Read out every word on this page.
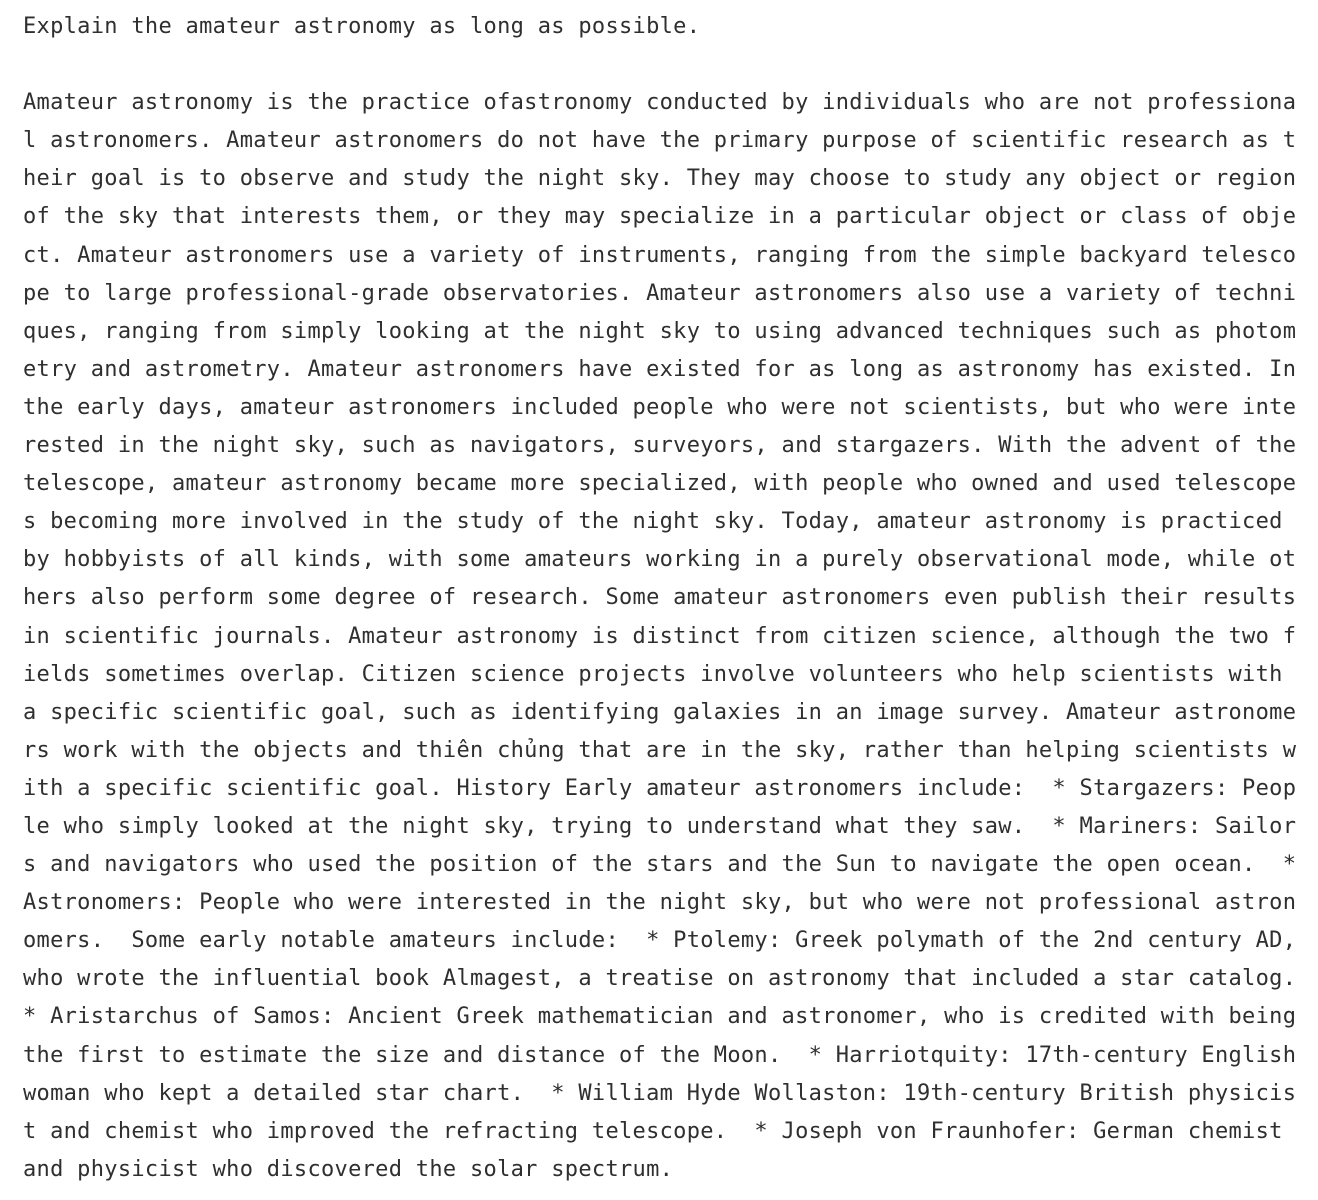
Explain the amateur astronomy as long as possible.

Amateur astronomy is the practice ofastronomy conducted by individuals who are not professiona

l astronomers. Amateur astronomers do not have the primary purpose of scientific research as t

heir goal is to observe and study the night sky. They may choose to study any object or region

of the sky that interests them, or they may specialize in a particular object or class of obje

ct. Amateur astronomers use a variety of instruments, ranging from the simple backyard telesco

pe to large professional-grade observatories. Amateur astronomers also use a variety of techni

ques, ranging from simply looking at the night sky to using advanced techniques such as photom

etry and astrometry. Amateur astronomers have existed for as long as astronomy has existed. In

the early days, amateur astronomers included people who were not scientists, but who were inte

rested in the night sky, such as navigators, surveyors, and stargazers. With the advent of the

telescope, amateur astronomy became more specialized, with people who owned and used telescope

s becoming more involved in the study of the night sky. Today, amateur astronomy is practiced

by hobbyists of all kinds, with some amateurs working in a purely observational mode, while ot

hers also perform some degree of research. Some amateur astronomers even publish their results

in scientific journals. Amateur astronomy is distinct from citizen science, although the two f

ields sometimes overlap. Citizen science projects involve volunteers who help scientists with

a specific scientific goal, such as identifying galaxies in an image survey. Amateur astronome

rs work with the objects and thiên chủng that are in the sky, rather than helping scientists w

ith a specific scientific goal. History Early amateur astronomers include:  * Stargazers: Peop

le who simply looked at the night sky, trying to understand what they saw.  * Mariners: Sailor

s and navigators who used the position of the stars and the Sun to navigate the open ocean.  *

Astronomers: People who were interested in the night sky, but who were not professional astron

omers.  Some early notable amateurs include:  * Ptolemy: Greek polymath of the 2nd century AD,

who wrote the influential book Almagest, a treatise on astronomy that included a star catalog.

* Aristarchus of Samos: Ancient Greek mathematician and astronomer, who is credited with being

the first to estimate the size and distance of the Moon.  * Harriotquity: 17th-century English

woman who kept a detailed star chart.  * William Hyde Wollaston: 19th-century British physicis

t and chemist who improved the refracting telescope.  * Joseph von Fraunhofer: German chemist

and physicist who discovered the solar spectrum.
